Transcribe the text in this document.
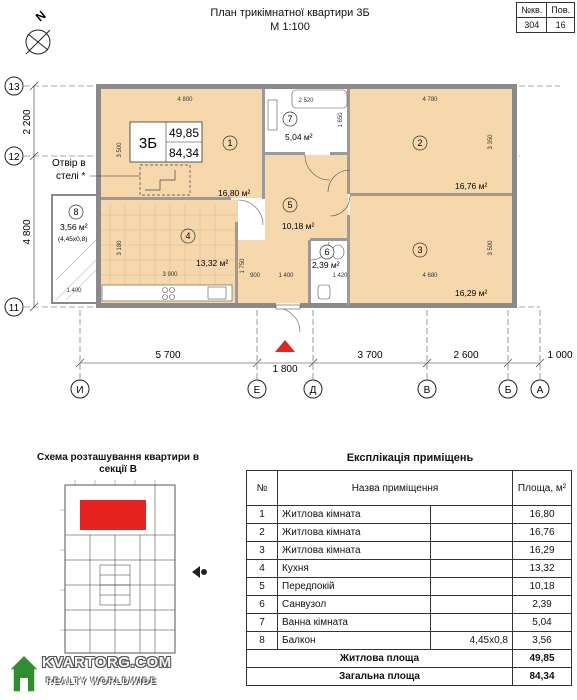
План трикімнатної квартири 3Б
М 1:100
№кв.	Пов.
304	16
N
13
12
11
2 200
4 800
3Б
49,85
84,34
Отвір в
стелі *
1	2
3
4
5
6
7
8
16,80 м²
16,76 м²
16,29 м²
13,32 м²
10,18 м²
2,39 м²
5,04 м²
3,56 м²
(4,45х0,8)
4 800	4 780
2 520
3 500
3 350
3 500
1 650
3 180
3 900
1 750
900	1 400	1 420	4 680
1 400
5 700
1 800
3 700	2 600	1 000
И	Е	Д	В	Б	А
Схема розташування квартири в
секції В
Експлікація приміщень
№	Назва приміщення		Площа, м²
1	Житлова кімната		16,80
2	Житлова кімната		16,76
3	Житлова кімната		16,29
4	Кухня		13,32
5	Передпокій		10,18
6	Санвузол		2,39
7	Ванна кімната		5,04
8	Балкон	4,45х0,8	3,56
Житлова площа			49,85
Загальна площа			84,34
KVARTORG.COM
REALTY WORLDWIDE
